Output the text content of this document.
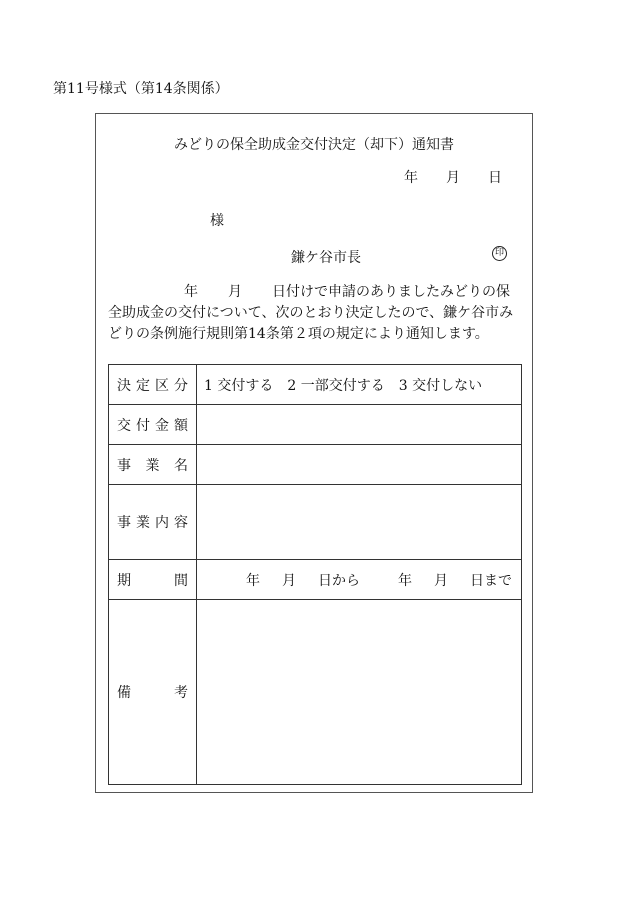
第11号様式（第14条関係）
みどりの保全助成金交付決定（却下）通知書
年 月 日
様
鎌ケ谷市長	印
年 月 日付けで申請のありましたみどりの保全助成金の交付について、次のとおり決定したので、鎌ケ谷市みどりの条例施行規則第14条第２項の規定により通知します。
決定区分	1 交付する 2 一部交付する 3 交付しない
交付金額	
事業名	
事業内容	
期間	年 月 日から 年 月 日まで
備考	
